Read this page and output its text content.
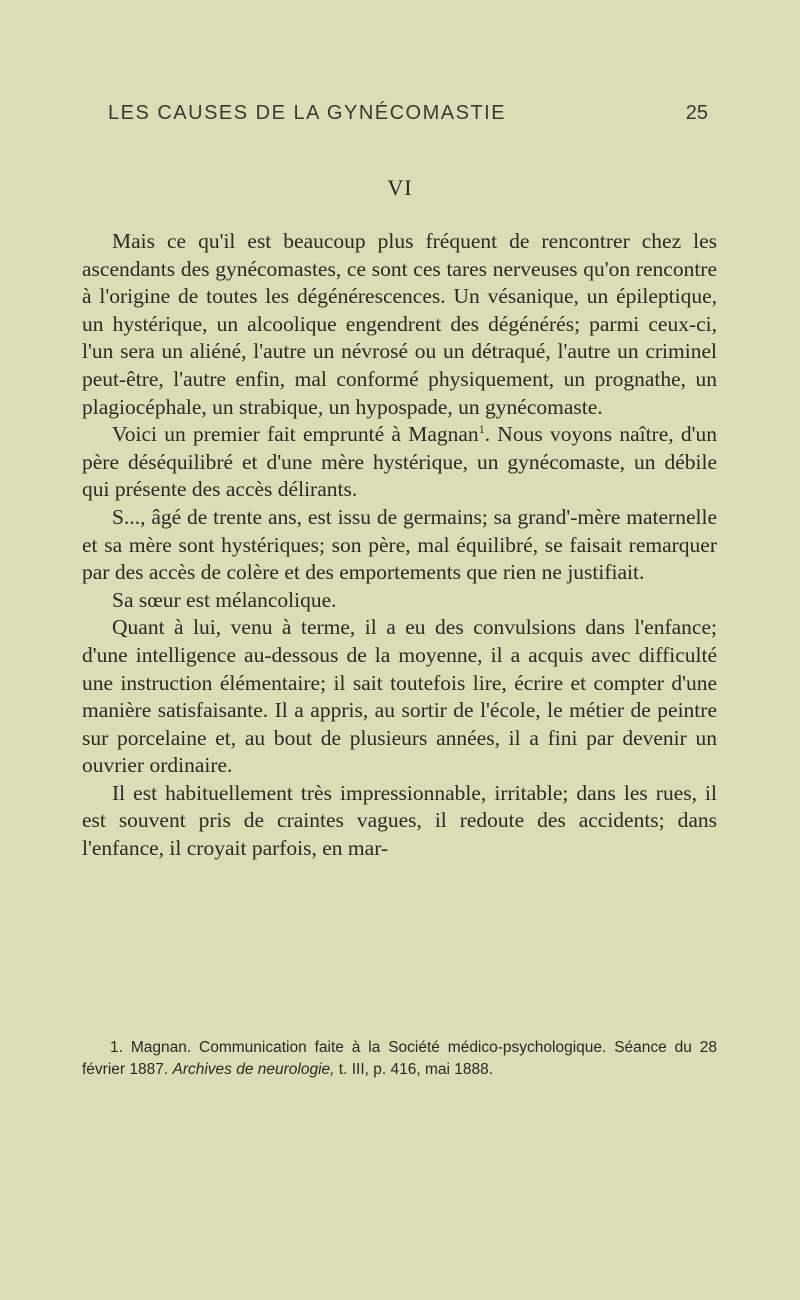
LES CAUSES DE LA GYNÉCOMASTIE	25
VI

Mais ce qu'il est beaucoup plus fréquent de rencontrer chez les ascendants des gynécomastes, ce sont ces tares nerveuses qu'on rencontre à l'origine de toutes les dégénérescences. Un vésanique, un épileptique, un hystérique, un alcoolique engendrent des dégénérés; parmi ceux-ci, l'un sera un aliéné, l'autre un névrosé ou un détraqué, l'autre un criminel peut-être, l'autre enfin, mal conformé physiquement, un prognathe, un plagiocéphale, un strabique, un hypospade, un gynécomaste.

Voici un premier fait emprunté à Magnan$^1$. Nous voyons naître, d'un père déséquilibré et d'une mère hystérique, un gynécomaste, un débile qui présente des accès délirants.

S..., âgé de trente ans, est issu de germains; sa grand'-mère maternelle et sa mère sont hystériques; son père, mal équilibré, se faisait remarquer par des accès de colère et des emportements que rien ne justifiait.

Sa sœur est mélancolique.

Quant à lui, venu à terme, il a eu des convulsions dans l'enfance; d'une intelligence au-dessous de la moyenne, il a acquis avec difficulté une instruction élémentaire; il sait toutefois lire, écrire et compter d'une manière satisfaisante. Il a appris, au sortir de l'école, le métier de peintre sur porcelaine et, au bout de plusieurs années, il a fini par devenir un ouvrier ordinaire.

Il est habituellement très impressionnable, irritable; dans les rues, il est souvent pris de craintes vagues, il redoute des accidents; dans l'enfance, il croyait parfois, en mar-

1. Magnan. Communication faite à la Société médico-psychologique. Séance du 28 février 1887. Archives de neurologie, t. III, p. 416, mai 1888.
